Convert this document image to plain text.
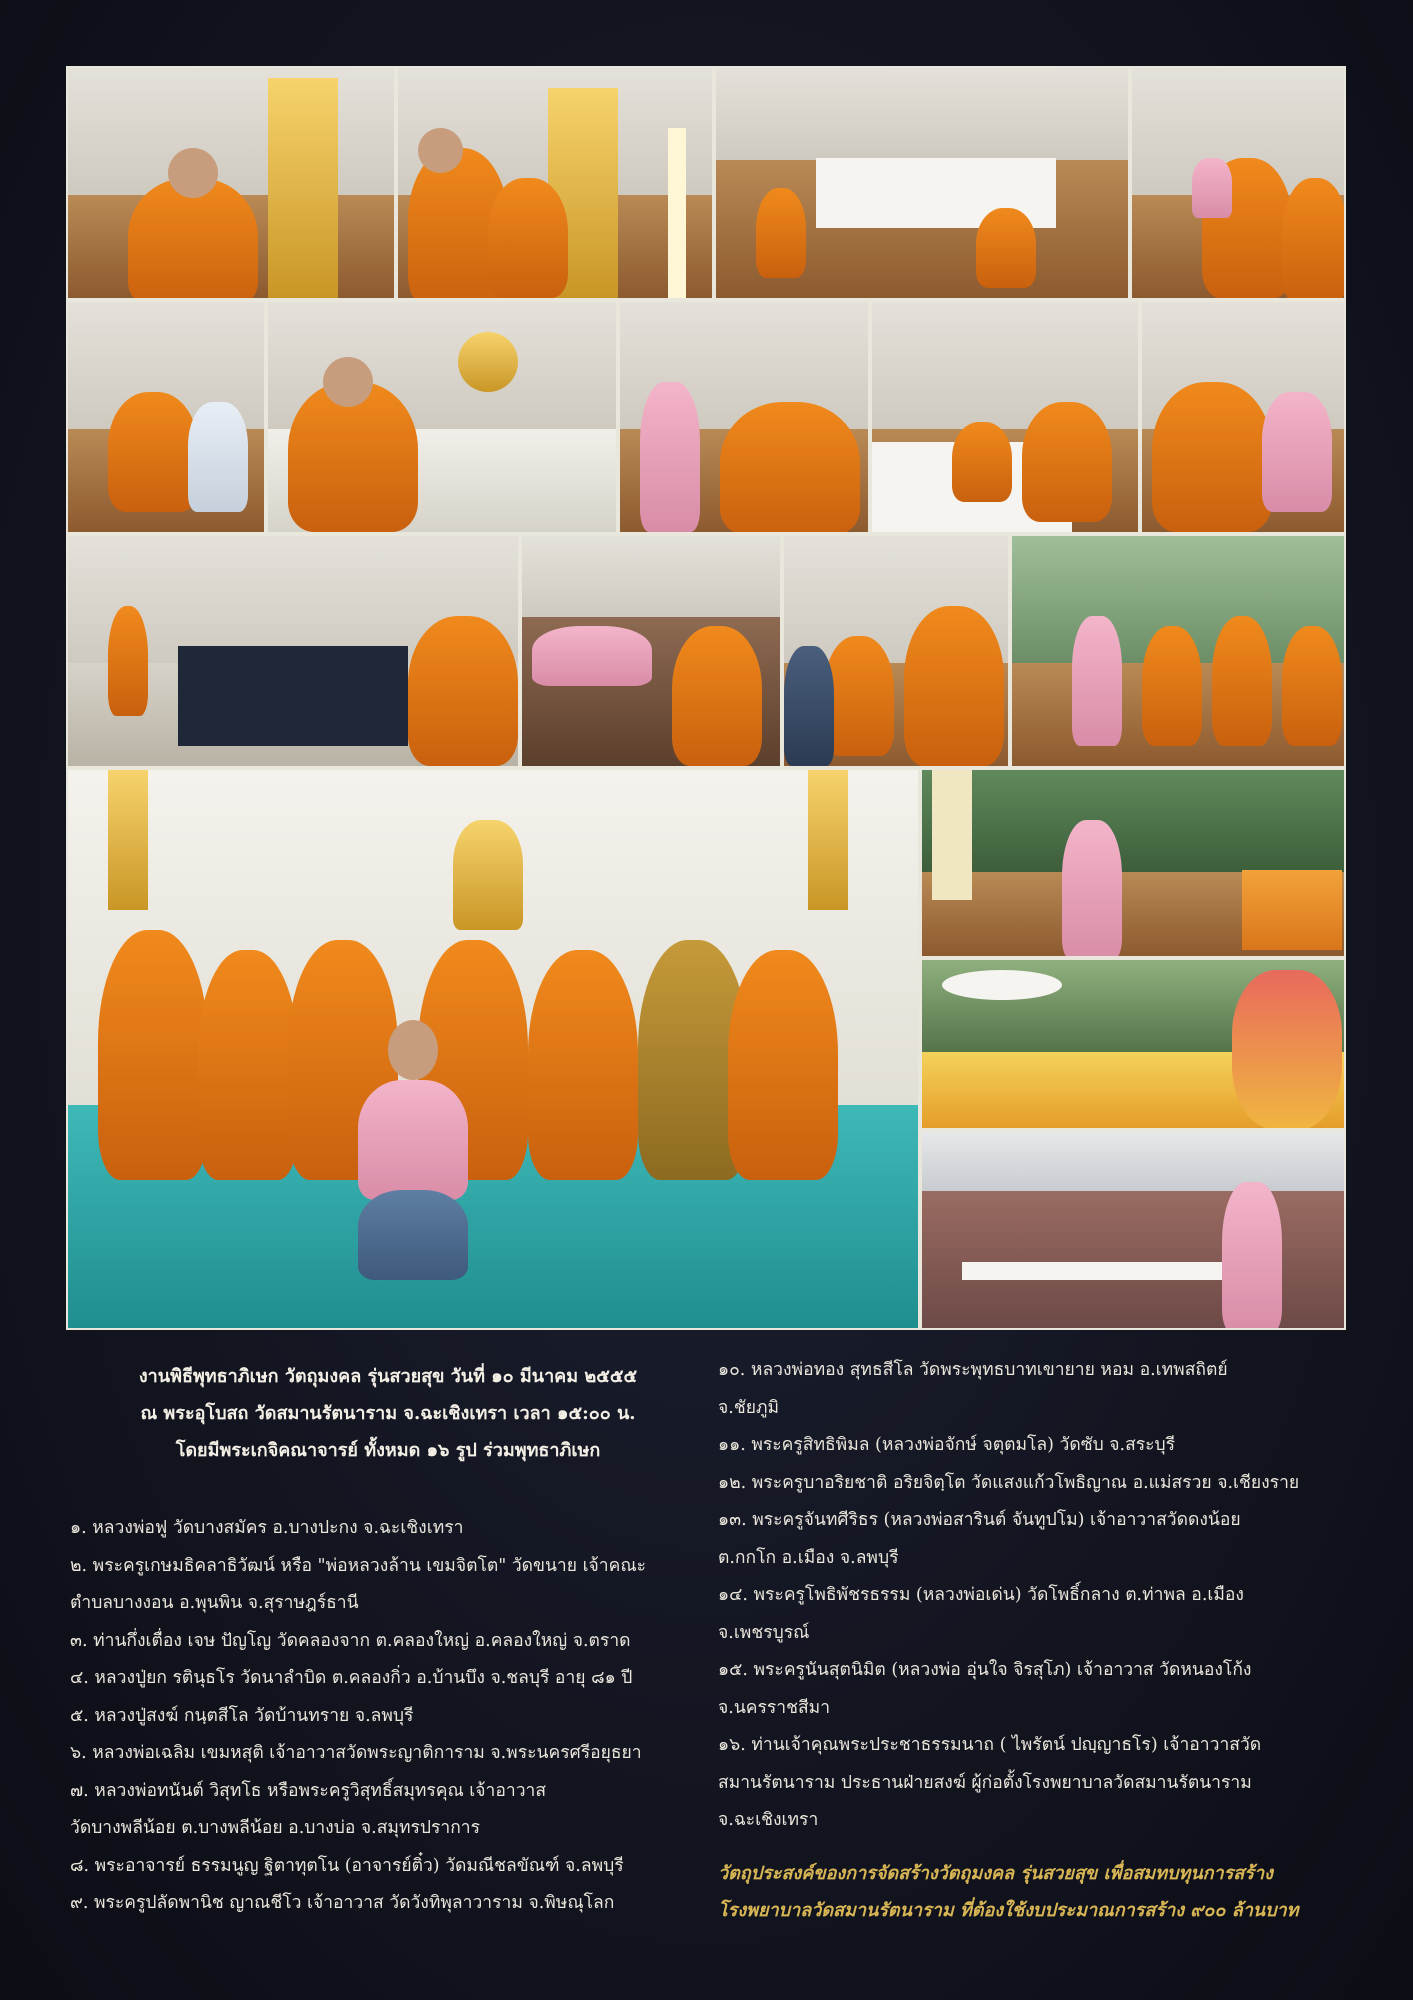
งานพิธีพุทธาภิเษก วัตถุมงคล รุ่นสวยสุข วันที่ ๑๐ มีนาคม ๒๕๕๕
ณ พระอุโบสถ วัดสมานรัตนาราม จ.ฉะเชิงเทรา เวลา ๑๕:๐๐ น.
โดยมีพระเกจิคณาจารย์ ทั้งหมด ๑๖ รูป ร่วมพุทธาภิเษก
๑. หลวงพ่อฟู วัดบางสมัคร อ.บางปะกง จ.ฉะเชิงเทรา
๒. พระครูเกษมธิคลาธิวัฒน์ หรือ "พ่อหลวงล้าน เขมจิตโต" วัดขนาย เจ้าคณะ
ตำบลบางงอน อ.พุนพิน จ.สุราษฎร์ธานี
๓. ท่านกึ่งเตื่อง เจษ ปัญโญ วัดคลองจาก ต.คลองใหญ่ อ.คลองใหญ่ จ.ตราด
๔. หลวงปู่ยก รตินุธโร วัดนาลำบิด ต.คลองกิ่ว อ.บ้านบึง จ.ชลบุรี อายุ ๘๑ ปี
๕. หลวงปู่สงฆ์ กนฺตสีโล วัดบ้านทราย จ.ลพบุรี
๖. หลวงพ่อเฉลิม เขมหสุติ เจ้าอาวาสวัดพระญาติการาม จ.พระนครศรีอยุธยา
๗. หลวงพ่อทนันต์ วิสุทโธ หรือพระครูวิสุทธิ์สมุทรคุณ เจ้าอาวาส
วัดบางพลีน้อย ต.บางพลีน้อย อ.บางบ่อ จ.สมุทรปราการ
๘. พระอาจารย์ ธรรมนูญ ฐิตาทุตโน (อาจารย์ติ๋ว) วัดมณีชลขัณฑ์ จ.ลพบุรี
๙. พระครูปลัดพานิช ญาณชีโว เจ้าอาวาส วัดวังทิพุลาวาราม จ.พิษณุโลก
๑๐. หลวงพ่อทอง สุทธสีโล วัดพระพุทธบาทเขายาย หอม อ.เทพสถิตย์
จ.ชัยภูมิ
๑๑. พระครูสิทธิพิมล (หลวงพ่อจักษ์ จตุตมโล) วัดซับ จ.สระบุรี
๑๒. พระครูบาอริยชาติ อริยจิตฺโต วัดแสงแก้วโพธิญาณ อ.แม่สรวย จ.เชียงราย
๑๓. พระครูจันทศีริธร (หลวงพ่อสารินต์ จันทูปโม) เจ้าอาวาสวัดดงน้อย
ต.กกโก อ.เมือง จ.ลพบุรี
๑๔. พระครูโพธิพัชรธรรม (หลวงพ่อเด่น) วัดโพธิ์กลาง ต.ท่าพล อ.เมือง
จ.เพชรบูรณ์
๑๕. พระครูนันสุตนิมิต (หลวงพ่อ อุ่นใจ จิรสุโภ) เจ้าอาวาส วัดหนองโก้ง
จ.นครราชสีมา
๑๖. ท่านเจ้าคุณพระประชาธรรมนาถ ( ไพรัตน์ ปญฺญาธโร) เจ้าอาวาสวัด
สมานรัตนาราม ประธานฝ่ายสงฆ์ ผู้ก่อตั้งโรงพยาบาลวัดสมานรัตนาราม
จ.ฉะเชิงเทรา
วัตถุประสงค์ของการจัดสร้างวัตถุมงคล รุ่นสวยสุข เพื่อสมทบทุนการสร้าง
โรงพยาบาลวัดสมานรัตนาราม ที่ต้องใช้งบประมาณการสร้าง ๙๐๐ ล้านบาท
